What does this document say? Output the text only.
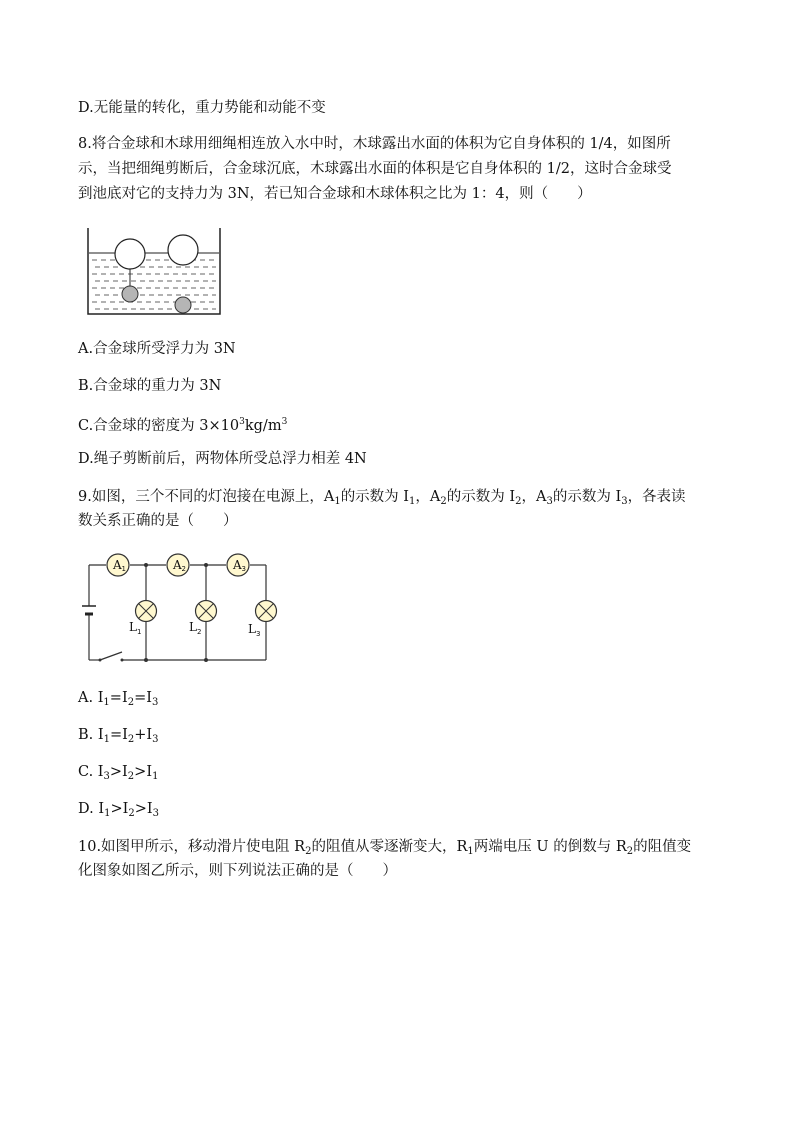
D.无能量的转化，重力势能和动能不变
8.将合金球和木球用细绳相连放入水中时，木球露出水面的体积为它自身体积的 1/4，如图所
示，当把细绳剪断后，合金球沉底，木球露出水面的体积是它自身体积的 1/2，这时合金球受
到池底对它的支持力为 3N，若已知合金球和木球体积之比为 1：4，则（　　）
A.合金球所受浮力为 3N
B.合金球的重力为 3N
C.合金球的密度为 $3\times 10^3kg/m^3$
D.绳子剪断前后，两物体所受总浮力相差 4N
9.如图，三个不同的灯泡接在电源上，$A_1$的示数为 $I_1$，$A_2$的示数为 $I_2$，$A_3$的示数为 $I_3$，各表读
数关系正确的是（　　）
A 1	A 2	A 3
L 1	L 2	L 3
A. $I_1=I_2=I_3$
B. $I_1=I_2+I_3$
C. $I_3>I_2>I_1$
D. $I_1>I_2>I_3$
10.如图甲所示，移动滑片使电阻 $R_2$的阻值从零逐渐变大，$R_1$两端电压 U 的倒数与 $R_2$的阻值变
化图象如图乙所示，则下列说法正确的是（　　）
